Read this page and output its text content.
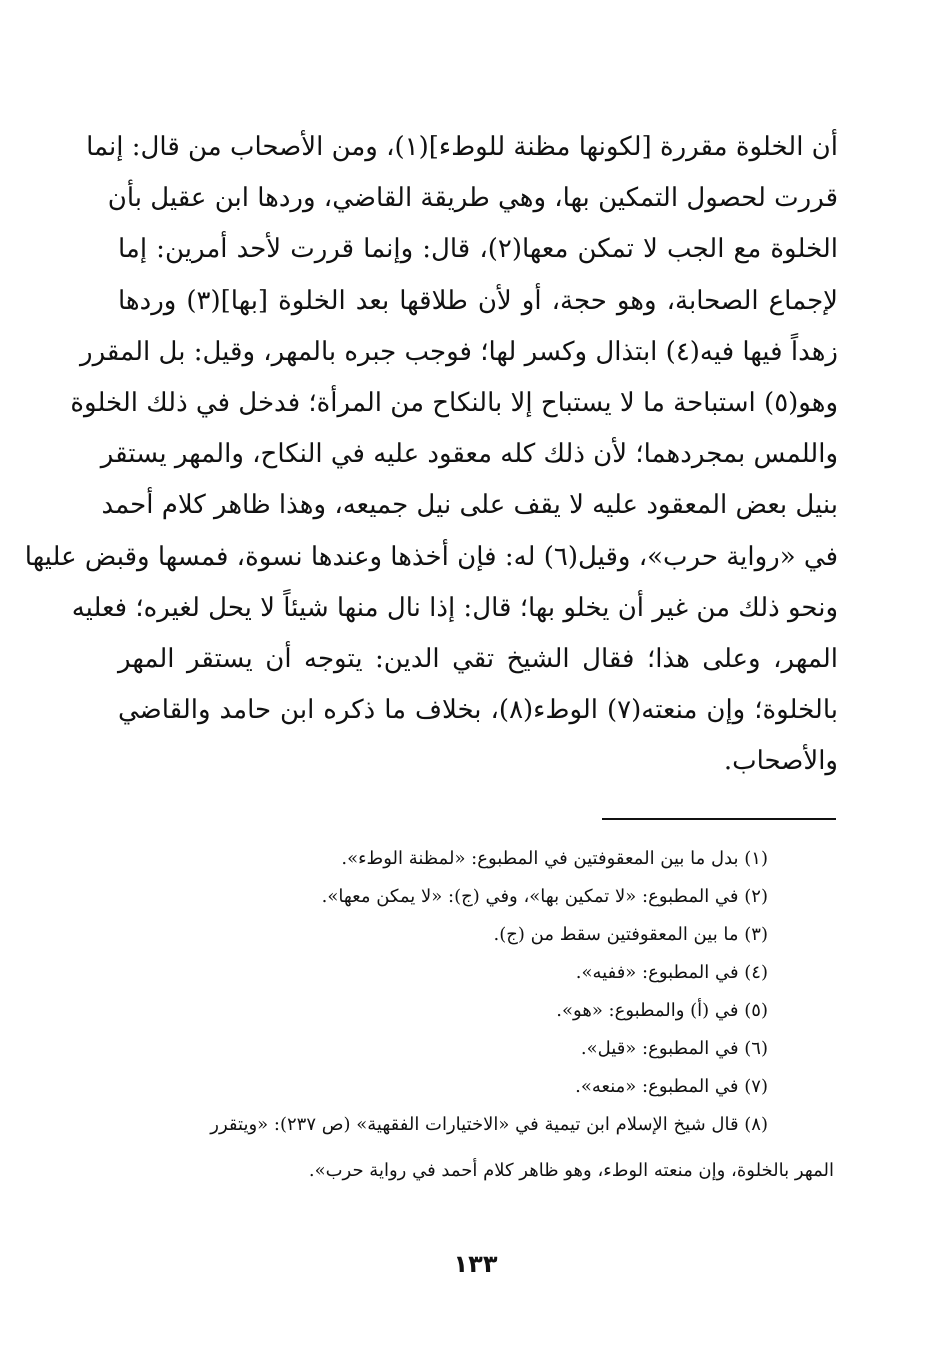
أن الخلوة مقررة [لكونها مظنة للوطء](١)، ومن الأصحاب من قال: إنما
قررت لحصول التمكين بها، وهي طريقة القاضي، وردها ابن عقيل بأن
الخلوة مع الجب لا تمكن معها(٢)، قال: وإنما قررت لأحد أمرين: إما
لإجماع الصحابة، وهو حجة، أو لأن طلاقها بعد الخلوة [بها](٣) وردها
زهداً فيها فيه(٤) ابتذال وكسر لها؛ فوجب جبره بالمهر، وقيل: بل المقرر
وهو(٥) استباحة ما لا يستباح إلا بالنكاح من المرأة؛ فدخل في ذلك الخلوة
واللمس بمجردهما؛ لأن ذلك كله معقود عليه في النكاح، والمهر يستقر
بنيل بعض المعقود عليه لا يقف على نيل جميعه، وهذا ظاهر كلام أحمد
في «رواية حرب»، وقيل(٦) له: فإن أخذها وعندها نسوة، فمسها وقبض عليها
ونحو ذلك من غير أن يخلو بها؛ قال: إذا نال منها شيئاً لا يحل لغيره؛ فعليه
المهر، وعلى هذا؛ فقال الشيخ تقي الدين: يتوجه أن يستقر المهر
بالخلوة؛ وإن منعته(٧) الوطء(٨)، بخلاف ما ذكره ابن حامد والقاضي
والأصحاب.
(١) بدل ما بين المعقوفتين في المطبوع: «لمظنة الوطء».
(٢) في المطبوع: «لا تمكين بها»، وفي (ج): «لا يمكن معها».
(٣) ما بين المعقوفتين سقط من (ج).
(٤) في المطبوع: «ففيه».
(٥) في (أ) والمطبوع: «هو».
(٦) في المطبوع: «قيل».
(٧) في المطبوع: «منعه».
(٨) قال شيخ الإسلام ابن تيمية في «الاختيارات الفقهية» (ص ٢٣٧): «ويتقرر
المهر بالخلوة، وإن منعته الوطء، وهو ظاهر كلام أحمد في رواية حرب».
١٣٣
